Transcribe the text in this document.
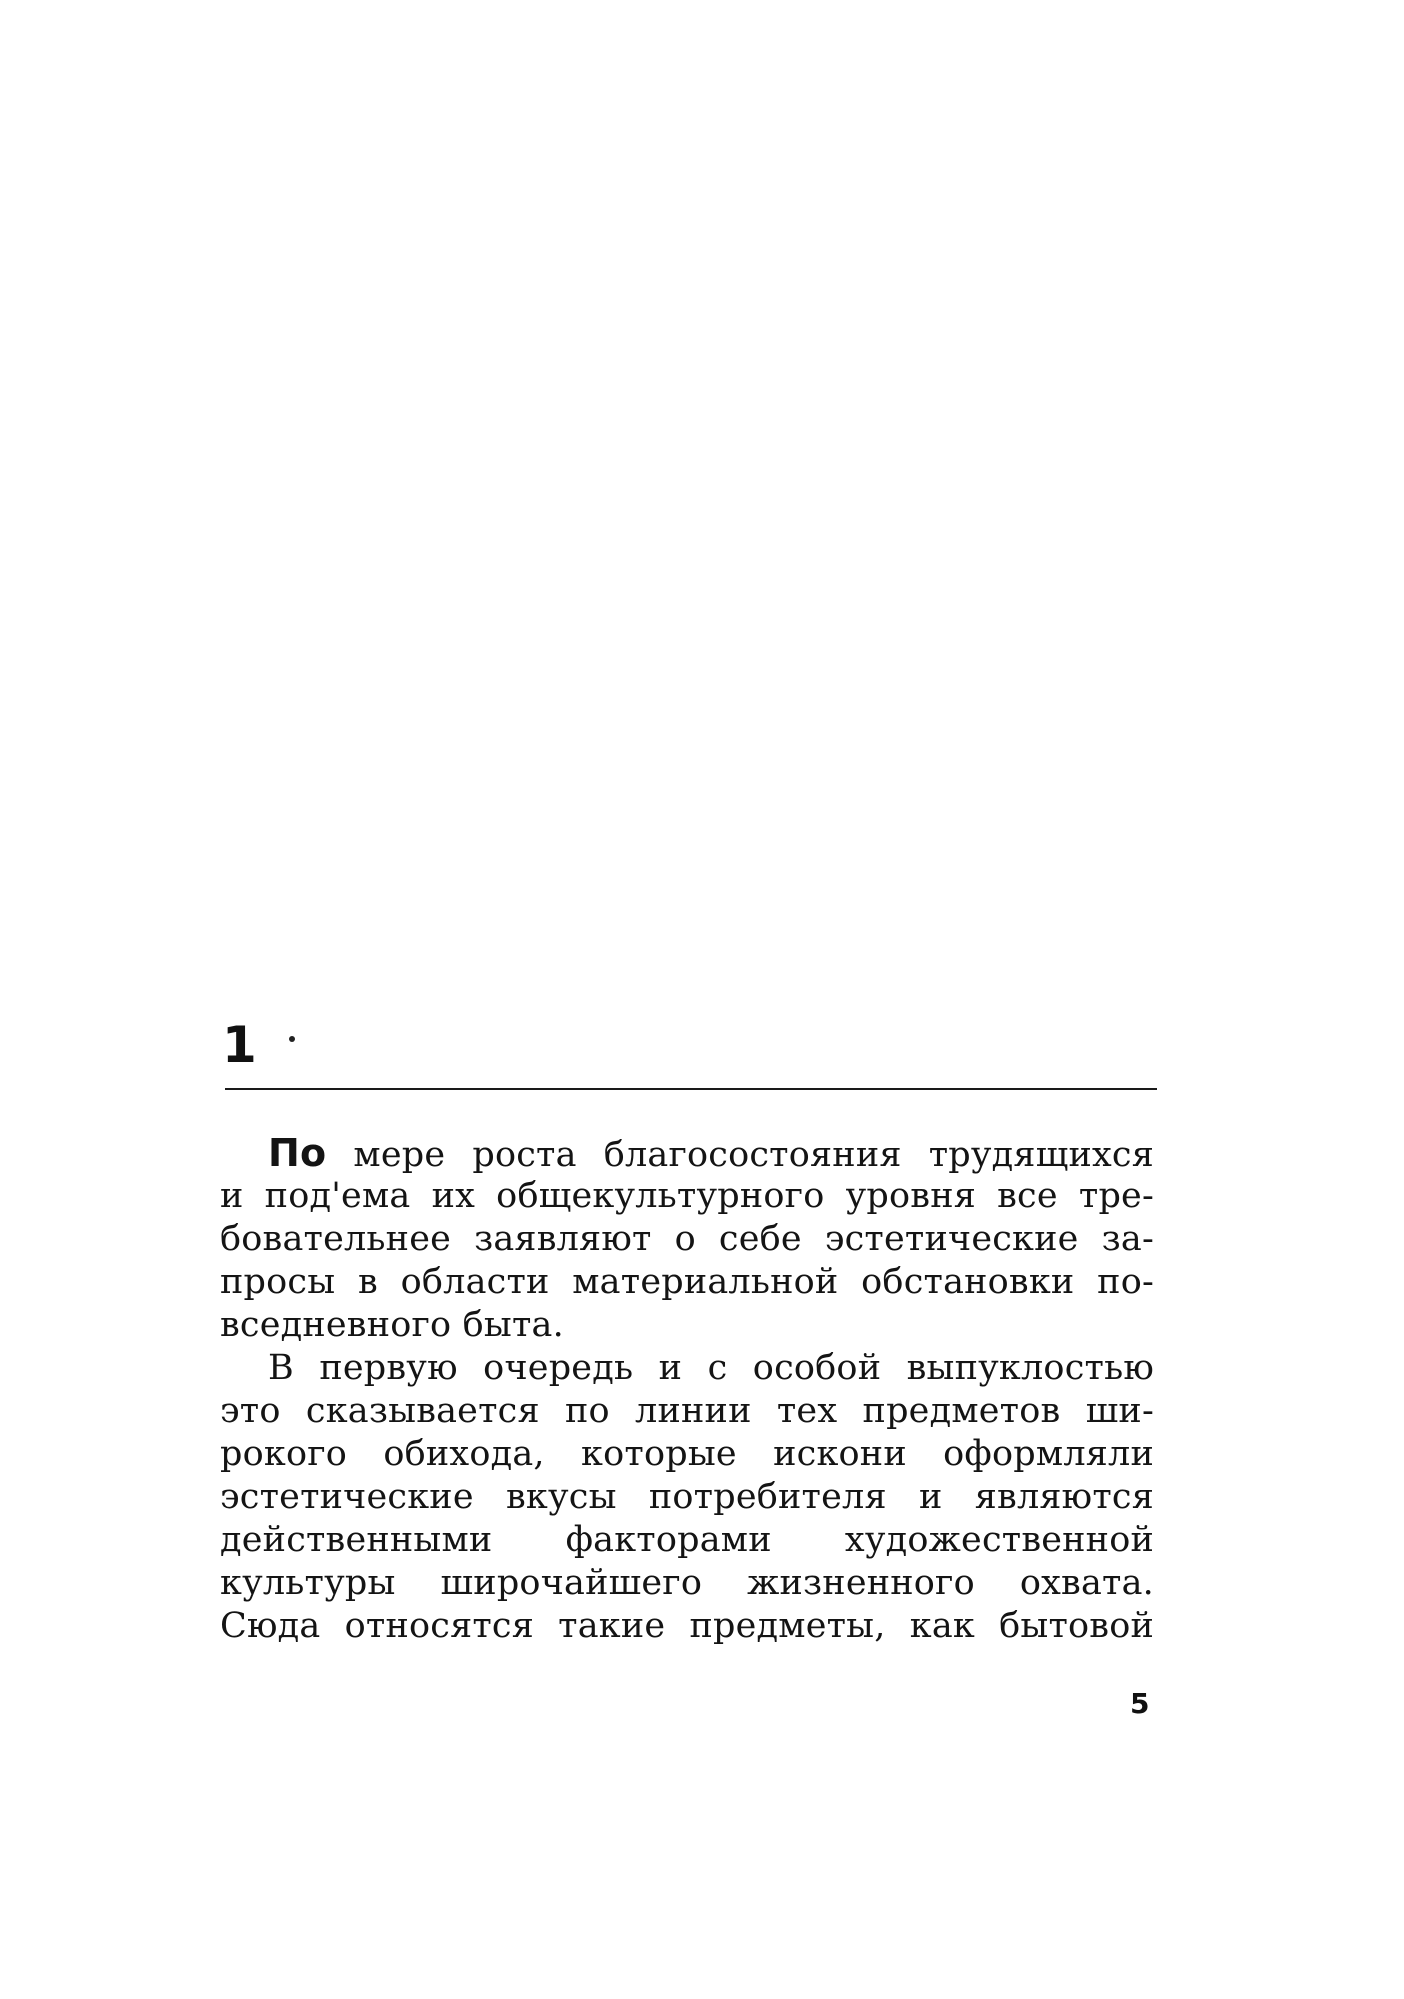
1
По мере роста благосостояния трудящихся
и под'ема их общекультурного уровня все тре-
бовательнее заявляют о себе эстетические за-
просы в области материальной обстановки по-
вседневного быта.
В первую очередь и с особой выпуклостью
это сказывается по линии тех предметов ши-
рокого обихода, которые искони оформляли
эстетические вкусы потребителя и являются
действенными факторами художественной
культуры широчайшего жизненного охвата.
Сюда относятся такие предметы, как бытовой
5
